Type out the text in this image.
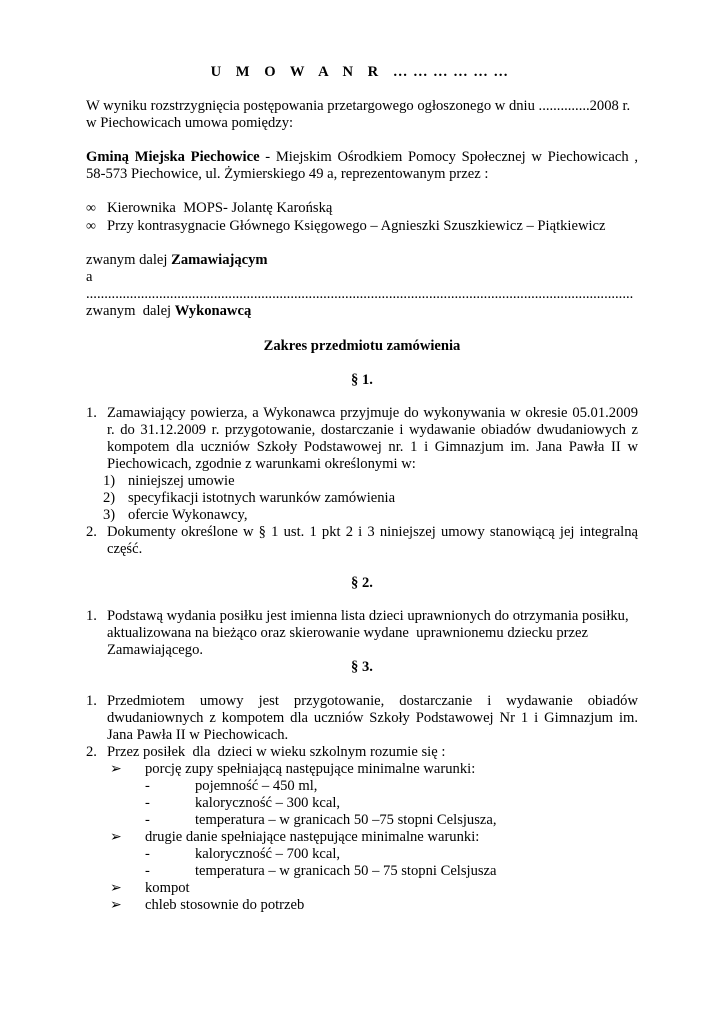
U M O W A N R ………………
W wyniku rozstrzygnięcia postępowania przetargowego ogłoszonego w dniu ..............2008 r.
w Piechowicach umowa pomiędzy:
Gminą Miejska Piechowice - Miejskim Ośrodkiem Pomocy Społecznej w Piechowicach ,
58-573 Piechowice, ul. Żymierskiego 49 a, reprezentowanym przez :
∞ Kierownika  MOPS- Jolantę Karońską
∞ Przy kontrasygnacie Głównego Księgowego – Agnieszki Szuszkiewicz – Piątkiewicz
zwanym dalej Zamawiającym
a
......................................................................................................................................................
zwanym  dalej Wykonawcą
Zakres przedmiotu zamówienia
§ 1.
1. Zamawiający powierza, a Wykonawca przyjmuje do wykonywania w okresie 05.01.2009
r. do 31.12.2009 r. przygotowanie, dostarczanie i wydawanie obiadów dwudaniowych z
kompotem dla uczniów Szkoły Podstawowej nr. 1 i Gimnazjum im. Jana Pawła II w
Piechowicach, zgodnie z warunkami określonymi w:
1) niniejszej umowie
2) specyfikacji istotnych warunków zamówienia
3) ofercie Wykonawcy,
2. Dokumenty określone w § 1 ust. 1 pkt 2 i 3 niniejszej umowy stanowiącą jej integralną
część.
§ 2.
1. Podstawą wydania posiłku jest imienna lista dzieci uprawnionych do otrzymania posiłku,
aktualizowana na bieżąco oraz skierowanie wydane  uprawnionemu dziecku przez
Zamawiającego.
§ 3.
1. Przedmiotem umowy jest przygotowanie, dostarczanie i wydawanie obiadów
dwudaniownych z kompotem dla uczniów Szkoły Podstawowej Nr 1 i Gimnazjum im.
Jana Pawła II w Piechowicach.
2. Przez posiłek  dla  dzieci w wieku szkolnym rozumie się :
➢ porcję zupy spełniającą następujące minimalne warunki:
-	pojemność – 450 ml,
-	kaloryczność – 300 kcal,
-	temperatura – w granicach 50 –75 stopni Celsjusza,
➢ drugie danie spełniające następujące minimalne warunki:
-	kaloryczność – 700 kcal,
-	temperatura – w granicach 50 – 75 stopni Celsjusza
➢ kompot
➢ chleb stosownie do potrzeb
